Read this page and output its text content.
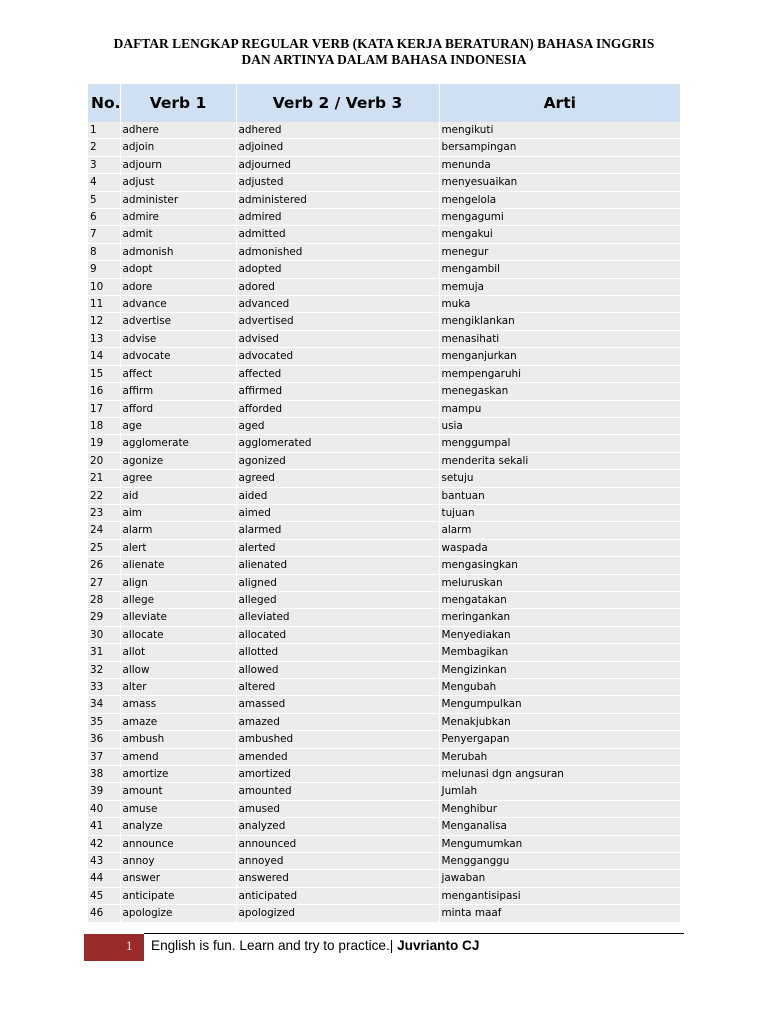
DAFTAR LENGKAP REGULAR VERB (KATA KERJA BERATURAN) BAHASA INGGRIS
DAN ARTINYA DALAM BAHASA INDONESIA
No.	Verb 1	Verb 2 / Verb 3	Arti
1	adhere	adhered	mengikuti
2	adjoin	adjoined	bersampingan
3	adjourn	adjourned	menunda
4	adjust	adjusted	menyesuaikan
5	administer	administered	mengelola
6	admire	admired	mengagumi
7	admit	admitted	mengakui
8	admonish	admonished	menegur
9	adopt	adopted	mengambil
10	adore	adored	memuja
11	advance	advanced	muka
12	advertise	advertised	mengiklankan
13	advise	advised	menasihati
14	advocate	advocated	menganjurkan
15	affect	affected	mempengaruhi
16	affirm	affirmed	menegaskan
17	afford	afforded	mampu
18	age	aged	usia
19	agglomerate	agglomerated	menggumpal
20	agonize	agonized	menderita sekali
21	agree	agreed	setuju
22	aid	aided	bantuan
23	aim	aimed	tujuan
24	alarm	alarmed	alarm
25	alert	alerted	waspada
26	alienate	alienated	mengasingkan
27	align	aligned	meluruskan
28	allege	alleged	mengatakan
29	alleviate	alleviated	meringankan
30	allocate	allocated	Menyediakan
31	allot	allotted	Membagikan
32	allow	allowed	Mengizinkan
33	alter	altered	Mengubah
34	amass	amassed	Mengumpulkan
35	amaze	amazed	Menakjubkan
36	ambush	ambushed	Penyergapan
37	amend	amended	Merubah
38	amortize	amortized	melunasi dgn angsuran
39	amount	amounted	Jumlah
40	amuse	amused	Menghibur
41	analyze	analyzed	Menganalisa
42	announce	announced	Mengumumkan
43	annoy	annoyed	Mengganggu
44	answer	answered	jawaban
45	anticipate	anticipated	mengantisipasi
46	apologize	apologized	minta maaf
1 English is fun. Learn and try to practice.| Juvrianto CJ
